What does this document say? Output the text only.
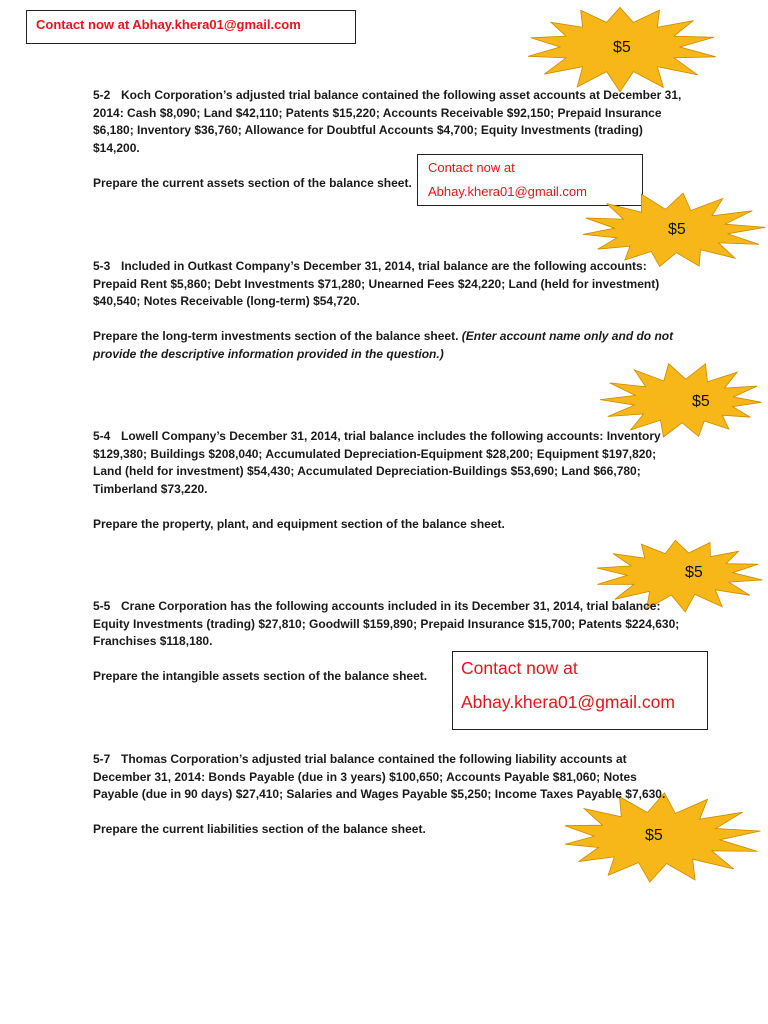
Contact now at Abhay.khera01@gmail.com
Contact now at
Abhay.khera01@gmail.com
Contact now at
Abhay.khera01@gmail.com
$5
$5
$5
$5
$5

5-2 Koch Corporation’s adjusted trial balance contained the following asset accounts at December 31, 2014: Cash $8,090; Land $42,110; Patents $15,220; Accounts Receivable $92,150; Prepaid Insurance $6,180; Inventory $36,760; Allowance for Doubtful Accounts $4,700; Equity Investments (trading) $14,200.

Prepare the current assets section of the balance sheet.

5-3 Included in Outkast Company’s December 31, 2014, trial balance are the following accounts: Prepaid Rent $5,860; Debt Investments $71,280; Unearned Fees $24,220; Land (held for investment) $40,540; Notes Receivable (long-term) $54,720.

Prepare the long-term investments section of the balance sheet. (Enter account name only and do not provide the descriptive information provided in the question.)

5-4 Lowell Company’s December 31, 2014, trial balance includes the following accounts: Inventory $129,380; Buildings $208,040; Accumulated Depreciation-Equipment $28,200; Equipment $197,820; Land (held for investment) $54,430; Accumulated Depreciation-Buildings $53,690; Land $66,780; Timberland $73,220.

Prepare the property, plant, and equipment section of the balance sheet.

5-5 Crane Corporation has the following accounts included in its December 31, 2014, trial balance: Equity Investments (trading) $27,810; Goodwill $159,890; Prepaid Insurance $15,700; Patents $224,630; Franchises $118,180.

Prepare the intangible assets section of the balance sheet.

5-7 Thomas Corporation’s adjusted trial balance contained the following liability accounts at December 31, 2014: Bonds Payable (due in 3 years) $100,650; Accounts Payable $81,060; Notes Payable (due in 90 days) $27,410; Salaries and Wages Payable $5,250; Income Taxes Payable $7,630.

Prepare the current liabilities section of the balance sheet.
